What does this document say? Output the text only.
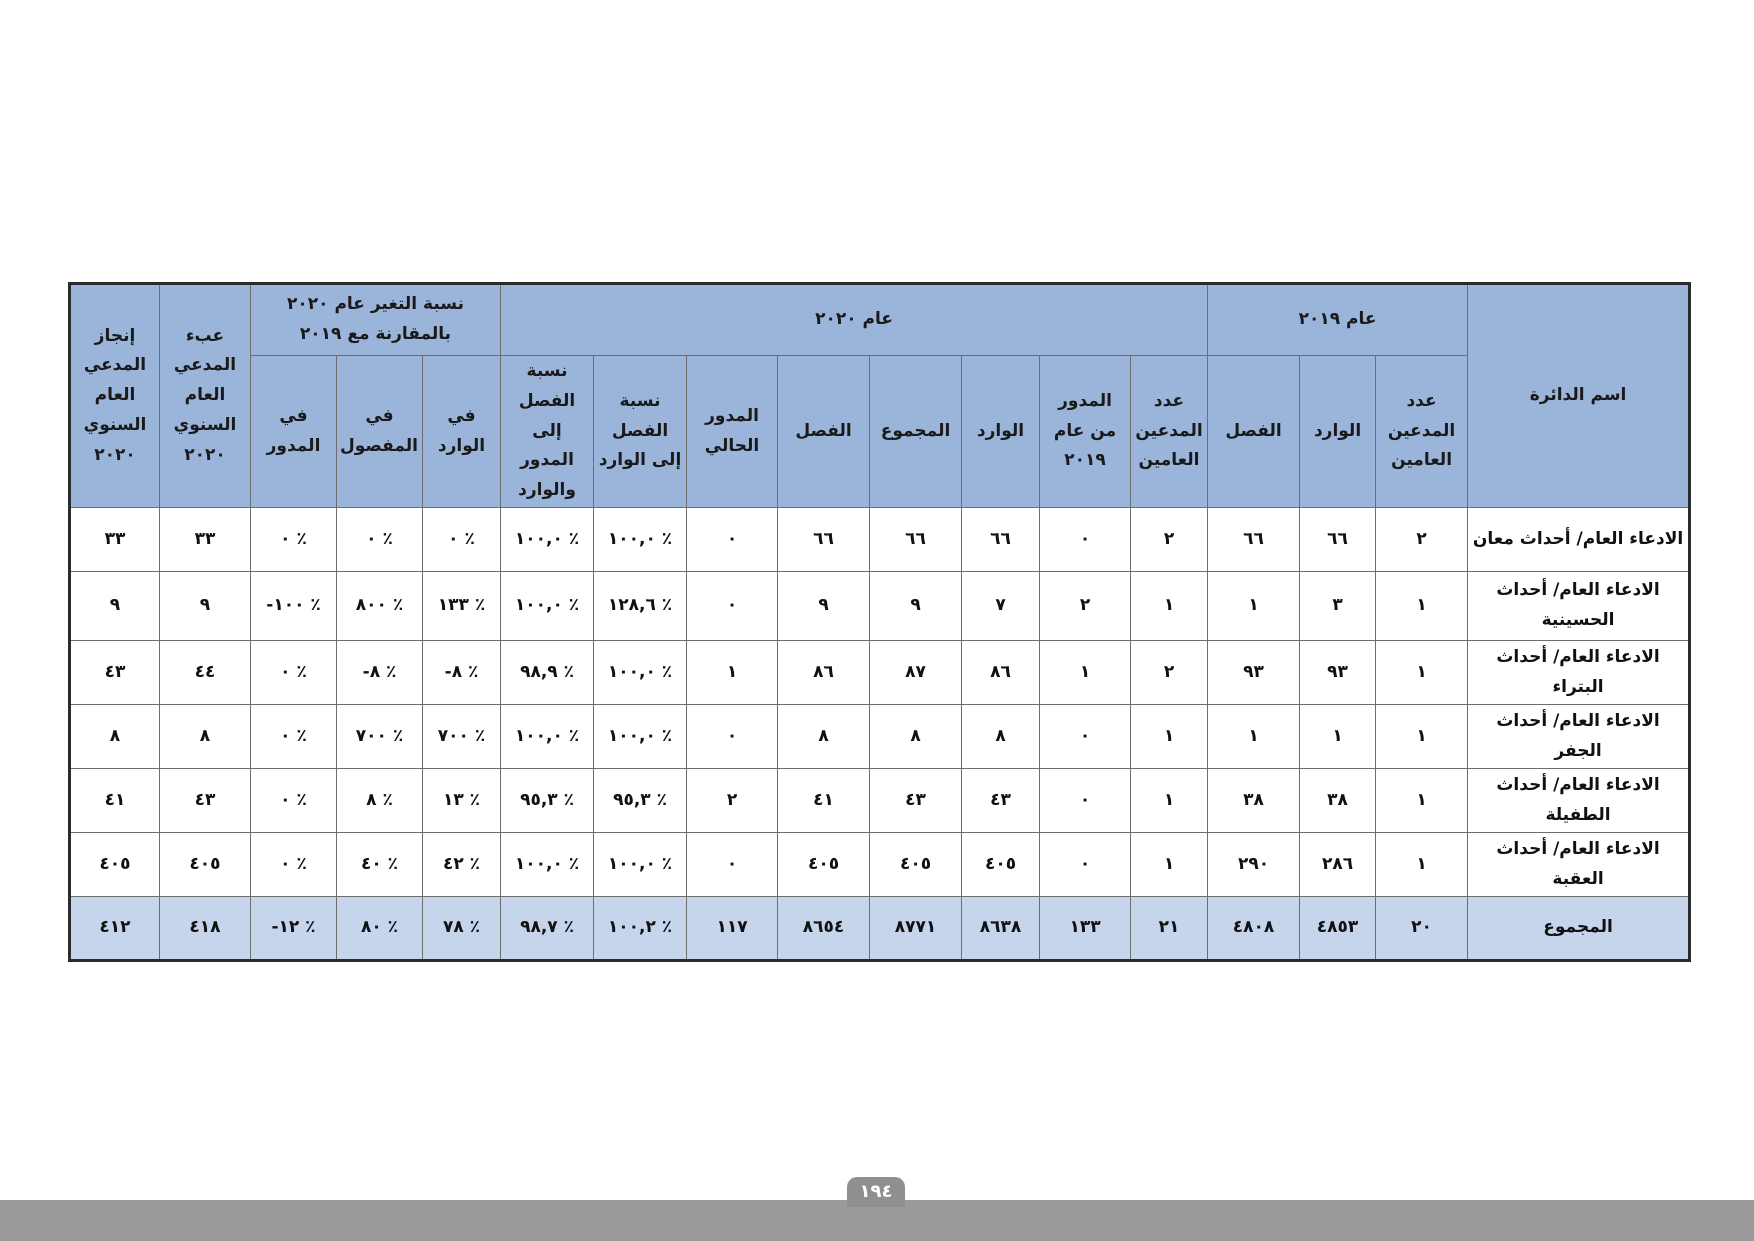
اسم الدائرة	عام ٢٠١٩			عام ٢٠٢٠								نسبة التغير عام ٢٠٢٠ بالمقارنة مع ٢٠١٩			عبء المدعي العام السنوي ٢٠٢٠	إنجاز المدعي العام السنوي ٢٠٢٠
	عدد المدعين العامين	الوارد	الفصل	عدد المدعين العامين	المدور من عام ٢٠١٩	الوارد	المجموع	الفصل	المدور الحالي	نسبة الفصل إلى الوارد	نسبة الفصل إلى المدور والوارد	في الوارد	في المفصول	في المدور		
الادعاء العام/ أحداث معان	٢	٦٦	٦٦	٢	٠	٦٦	٦٦	٦٦	٠	٪ ١٠٠,٠	٪ ١٠٠,٠	٪ ٠	٪ ٠	٪ ٠	٣٣	٣٣
الادعاء العام/ أحداث الحسينية	١	٣	١	١	٢	٧	٩	٩	٠	٪ ١٢٨,٦	٪ ١٠٠,٠	٪ ١٣٣	٪ ٨٠٠	٪ ١٠٠-	٩	٩
الادعاء العام/ أحداث البتراء	١	٩٣	٩٣	٢	١	٨٦	٨٧	٨٦	١	٪ ١٠٠,٠	٪ ٩٨,٩	٪ ٨-	٪ ٨-	٪ ٠	٤٤	٤٣
الادعاء العام/ أحداث الجفر	١	١	١	١	٠	٨	٨	٨	٠	٪ ١٠٠,٠	٪ ١٠٠,٠	٪ ٧٠٠	٪ ٧٠٠	٪ ٠	٨	٨
الادعاء العام/ أحداث الطفيلة	١	٣٨	٣٨	١	٠	٤٣	٤٣	٤١	٢	٪ ٩٥,٣	٪ ٩٥,٣	٪ ١٣	٪ ٨	٪ ٠	٤٣	٤١
الادعاء العام/ أحداث العقبة	١	٢٨٦	٢٩٠	١	٠	٤٠٥	٤٠٥	٤٠٥	٠	٪ ١٠٠,٠	٪ ١٠٠,٠	٪ ٤٢	٪ ٤٠	٪ ٠	٤٠٥	٤٠٥
المجموع	٢٠	٤٨٥٣	٤٨٠٨	٢١	١٣٣	٨٦٣٨	٨٧٧١	٨٦٥٤	١١٧	٪ ١٠٠,٢	٪ ٩٨,٧	٪ ٧٨	٪ ٨٠	٪ ١٢-	٤١٨	٤١٢
١٩٤
